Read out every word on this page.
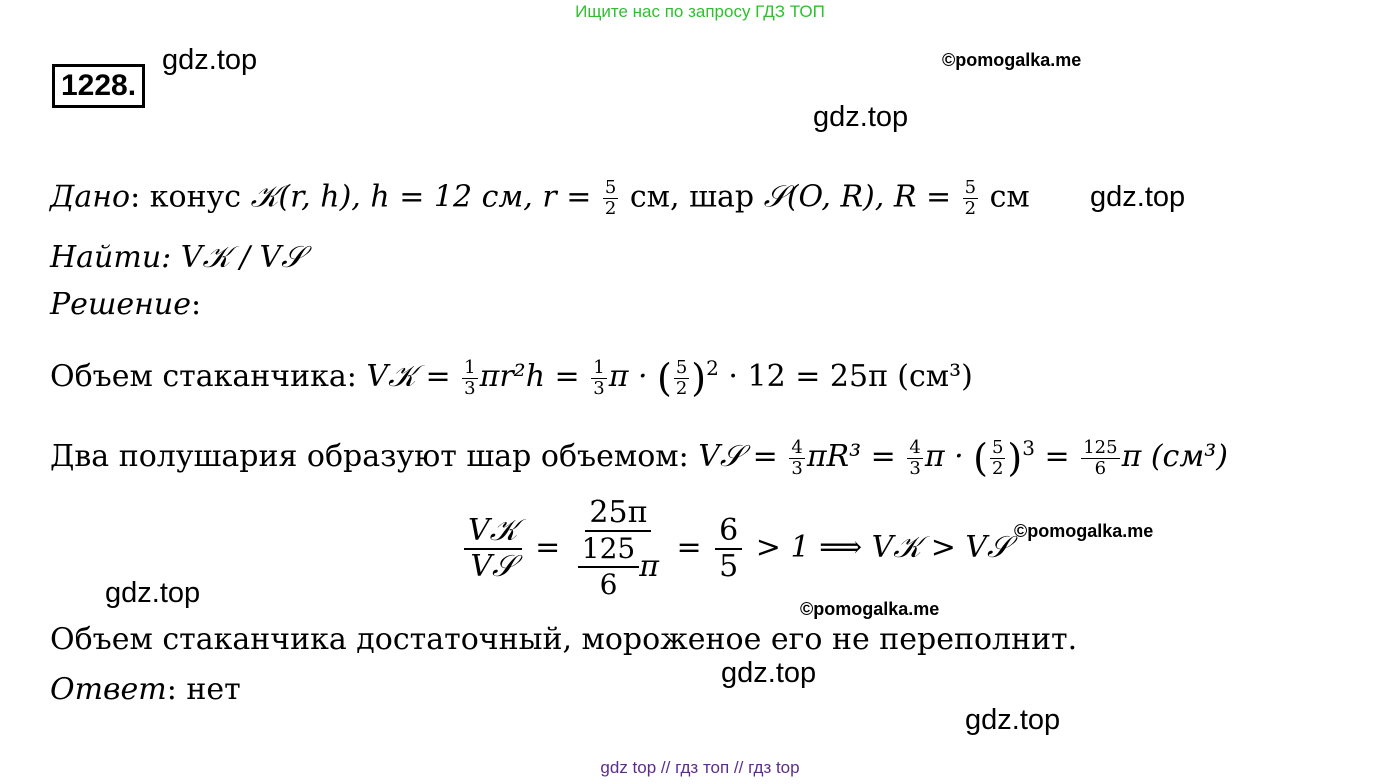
Ищите нас по запросу ГДЗ ТОП
1228.
gdz.top	©pomogalka.me
gdz.top
gdz.top
©pomogalka.me
gdz.top	©pomogalka.me
gdz.top
gdz.top
Дано: конус 𝒦(r, h), h = 12 см, $r = \frac{5}{2}$ см, шар 𝒮(O, R), $R = \frac{5}{2}$ см
Найти: V𝒦 / V𝒮
Решение:
Объем стаканчика: V𝒦 = $\frac{1}{3} \pi r^2h = \frac{1}{3}$ π · ( $\frac{5}{2} )^2 \cdot 12 = 25\pi$ (см³)
Два полушария образуют шар объемом: V𝒮 = $\frac{4}{3} \pi R^3 = \frac{4}{3}$ π · ( $\frac{5}{2} )^3 = \frac{125}{6}$ π (см³)
$\frac{\text{V𝒦}}{\text{V𝒮}} = \frac{25\pi}{\frac{125}{6} \pi} = \frac{6}{5} > 1$ ⟹ V𝒦 > V𝒮
Объем стаканчика достаточный, мороженое его не переполнит.
Ответ: нет
gdz top // гдз топ // гдз top
